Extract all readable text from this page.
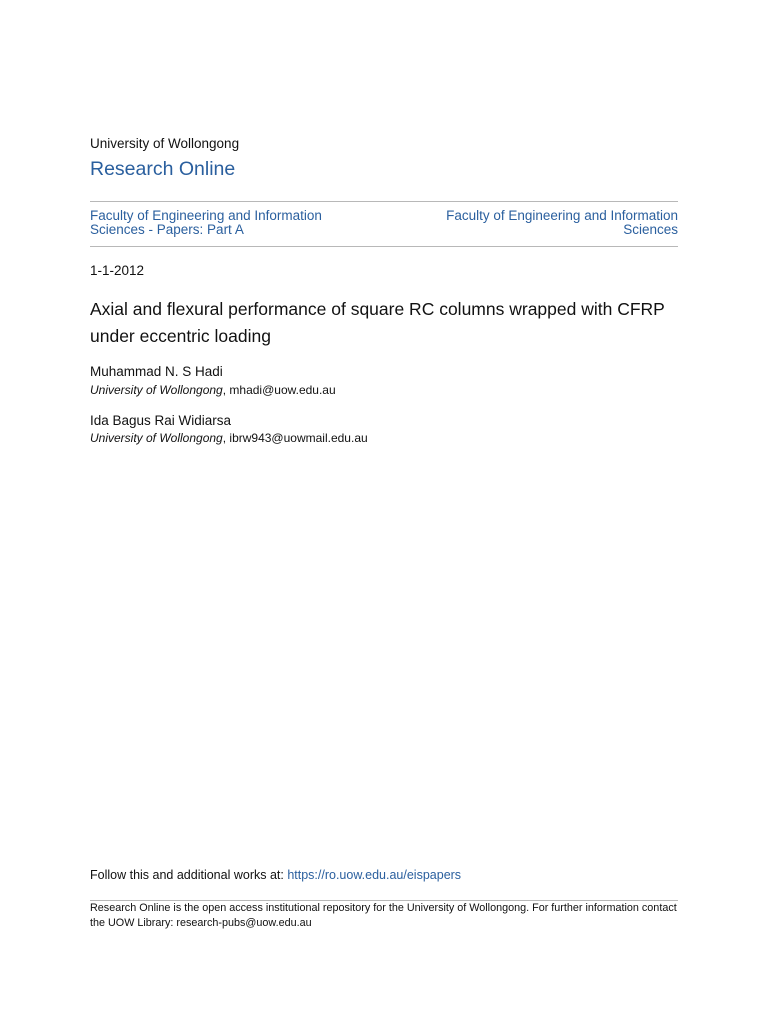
University of Wollongong
Research Online
Faculty of Engineering and Information Sciences - Papers: Part A
Faculty of Engineering and Information Sciences
1-1-2012
Axial and flexural performance of square RC columns wrapped with CFRP under eccentric loading
Muhammad N. S Hadi
University of Wollongong, mhadi@uow.edu.au
Ida Bagus Rai Widiarsa
University of Wollongong, ibrw943@uowmail.edu.au
Follow this and additional works at: https://ro.uow.edu.au/eispapers
Research Online is the open access institutional repository for the University of Wollongong. For further information contact the UOW Library: research-pubs@uow.edu.au
